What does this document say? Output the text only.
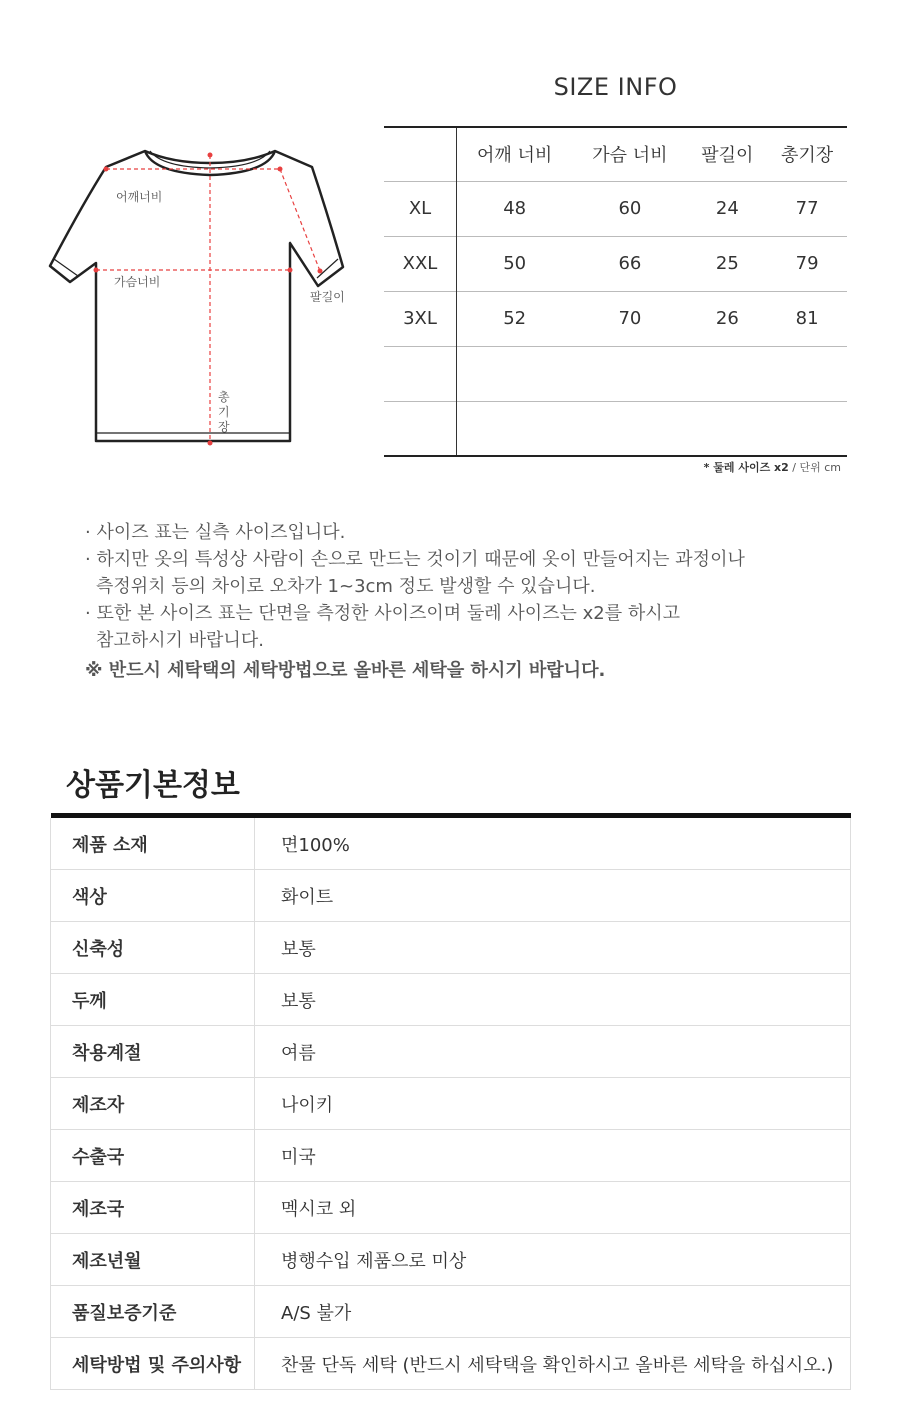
어깨너비
가슴너비
팔길이
총
기
장
SIZE INFO
	어깨 너비	가슴 너비	팔길이	총기장
XL	48	60	24	77
XXL	50	66	25	79
3XL	52	70	26	81

* 둘레 사이즈 x2 / 단위 cm

· 사이즈 표는 실측 사이즈입니다.

· 하지만 옷의 특성상 사람이 손으로 만드는 것이기 때문에 옷이 만들어지는 과정이나

측정위치 등의 차이로 오차가 1~3cm 정도 발생할 수 있습니다.

· 또한 본 사이즈 표는 단면을 측정한 사이즈이며 둘레 사이즈는 x2를 하시고

참고하시기 바랍니다.

※ 반드시 세탁택의 세탁방법으로 올바른 세탁을 하시기 바랍니다.

상품기본정보

제품 소재	면100%
색상	화이트
신축성	보통
두께	보통
착용계절	여름
제조자	나이키
수출국	미국
제조국	멕시코 외
제조년월	병행수입 제품으로 미상
품질보증기준	A/S 불가
세탁방법 및 주의사항	찬물 단독 세탁 (반드시 세탁택을 확인하시고 올바른 세탁을 하십시오.)
